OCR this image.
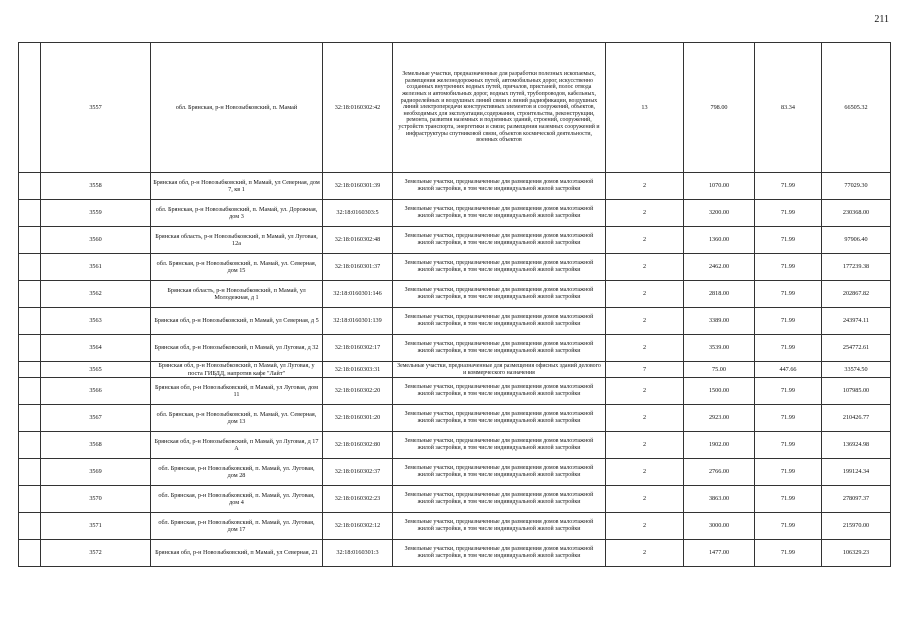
211
	3557	обл. Брянская, р-н Новозыбковский, п. Мамай	32:18:0160302:42	Земельные участки, предназначенные для разработки полезных ископаемых, размещения железнодорожных путей, автомобильных дорог, искусственно созданных внутренних водных путей, причалов, пристаней, полос отвода железных и автомобильных дорог, водных путей, трубопроводов, кабельных, радиорелейных и воздушных линий связи и линий радиофикации, воздушных линий электропередачи конструктивных элементов и сооружений, объектов, необходимых для эксплуатации,содержания, строительства, реконструкции, ремонта, развития наземных и подземных зданий, строений, сооружений, устройств транспорта, энергетики и связи; размещения наземных сооружений и инфраструктуры спутниковой связи, объектов космической деятельности, военных объектов	13	798.00	83.34	66505.32
	3558	Брянская обл, р-н Новозыбковский, п Мамай, ул Северная, дом 7, кв 1	32:18:0160301:39	Земельные участки, предназначенные для размещения домов малоэтажной жилой застройки, в том числе индивидуальной жилой застройки	2	1070.00	71.99	77029.30
	3559	обл. Брянская, р-н Новозыбковский, п. Мамай, ул. Дорожная, дом 3	32:18:0160303:5	Земельные участки, предназначенные для размещения домов малоэтажной жилой застройки, в том числе индивидуальной жилой застройки	2	3200.00	71.99	230368.00
	3560	Брянская область, р-н Новозыбковский, п Мамай, ул Луговая, 12а	32:18:0160302:48	Земельные участки, предназначенные для размещения домов малоэтажной жилой застройки, в том числе индивидуальной жилой застройки	2	1360.00	71.99	97906.40
	3561	обл. Брянская, р-н Новозыбковский, п. Мамай, ул. Северная, дом 15	32:18:0160301:37	Земельные участки, предназначенные для размещения домов малоэтажной жилой застройки, в том числе индивидуальной жилой застройки	2	2462.00	71.99	177239.38
	3562	Брянская область, р-н Новозыбковский, п Мамай, ул Молодежная, д 1	32:18:0160301:146	Земельные участки, предназначенные для размещения домов малоэтажной жилой застройки, в том числе индивидуальной жилой застройки	2	2818.00	71.99	202867.82
	3563	Брянская обл, р-н Новозыбковский, п Мамай, ул Северная, д 5	32:18:0160301:139	Земельные участки, предназначенные для размещения домов малоэтажной жилой застройки, в том числе индивидуальной жилой застройки	2	3389.00	71.99	243974.11
	3564	Брянская обл, р-н Новозыбковский, п Мамай, ул Луговая, д 32	32:18:0160302:17	Земельные участки, предназначенные для размещения домов малоэтажной жилой застройки, в том числе индивидуальной жилой застройки	2	3539.00	71.99	254772.61
	3565	Брянская обл, р-н Новозыбковский, п Мамай, ул Луговая, у поста ГИБДД, напротив кафе "Лайт"	32:18:0160303:31	Земельные участки, предназначенные для размещения офисных зданий делового и коммерческого назначения	7	75.00	447.66	33574.50
	3566	Брянская обл, р-н Новозыбковский, п Мамай, ул Луговая, дом 11	32:18:0160302:20	Земельные участки, предназначенные для размещения домов малоэтажной жилой застройки, в том числе индивидуальной жилой застройки	2	1500.00	71.99	107985.00
	3567	обл. Брянская, р-н Новозыбковский, п. Мамай, ул. Северная, дом 13	32:18:0160301:20	Земельные участки, предназначенные для размещения домов малоэтажной жилой застройки, в том числе индивидуальной жилой застройки	2	2923.00	71.99	210426.77
	3568	Брянская обл, р-н Новозыбковский, п Мамай, ул Луговая, д 17 А	32:18:0160302:80	Земельные участки, предназначенные для размещения домов малоэтажной жилой застройки, в том числе индивидуальной жилой застройки	2	1902.00	71.99	136924.98
	3569	обл. Брянская, р-н Новозыбковский, п. Мамай, ул. Луговая, дом 28	32:18:0160302:37	Земельные участки, предназначенные для размещения домов малоэтажной жилой застройки, в том числе индивидуальной жилой застройки	2	2766.00	71.99	199124.34
	3570	обл. Брянская, р-н Новозыбковский, п. Мамай, ул. Луговая, дом 4	32:18:0160302:23	Земельные участки, предназначенные для размещения домов малоэтажной жилой застройки, в том числе индивидуальной жилой застройки	2	3863.00	71.99	278097.37
	3571	обл. Брянская, р-н Новозыбковский, п. Мамай, ул. Луговая, дом 17	32:18:0160302:12	Земельные участки, предназначенные для размещения домов малоэтажной жилой застройки, в том числе индивидуальной жилой застройки	2	3000.00	71.99	215970.00
	3572	Брянская обл, р-н Новозыбковский, п Мамай, ул Северная, 21	32:18:0160301:3	Земельные участки, предназначенные для размещения домов малоэтажной жилой застройки, в том числе индивидуальной жилой застройки	2	1477.00	71.99	106329.23
